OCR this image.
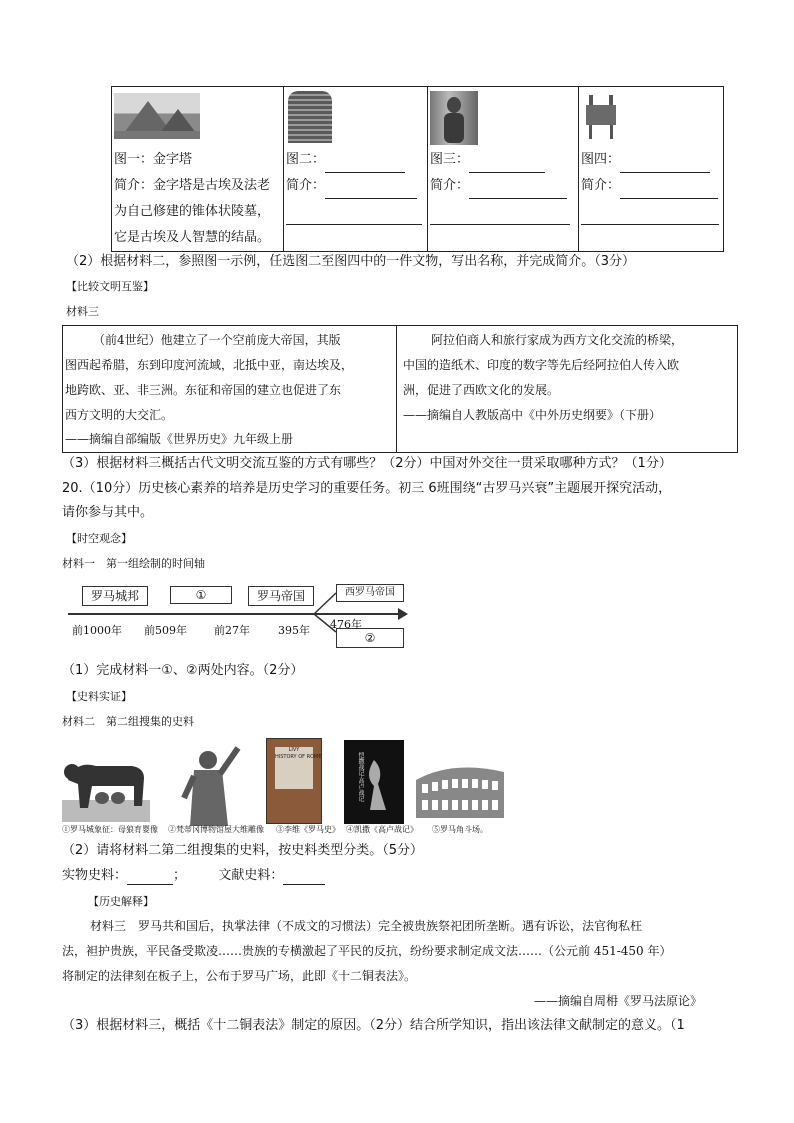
图一：金字塔
简介：金字塔是古埃及法老
为自己修建的锥体状陵墓，
它是古埃及人智慧的结晶。

图二：
简介：

图三：
简介：

图四：
简介：
（2）根据材料二，参照图一示例，任选图二至图四中的一件文物，写出名称，并完成简介。（3分）
【比较文明互鉴】
材料三
（前4世纪）他建立了一个空前庞大帝国，其版
图西起希腊，东到印度河流域，北抵中亚，南达埃及，
地跨欧、亚、非三洲。东征和帝国的建立也促进了东
西方文明的大交汇。
——摘编自部编版《世界历史》九年级上册
阿拉伯商人和旅行家成为西方文化交流的桥梁，
中国的造纸术、印度的数字等先后经阿拉伯人传入欧
洲，促进了西欧文化的发展。
——摘编自人教版高中《中外历史纲要》（下册）
（3）根据材料三概括古代文明交流互鉴的方式有哪些？（2分）中国对外交往一贯采取哪种方式？（1分）
20.（10分）历史核心素养的培养是历史学习的重要任务。初三 6班围绕“古罗马兴衰”主题展开探究活动，
请你参与其中。
【时空观念】
材料一　第一组绘制的时间轴
罗马城邦	①	罗马帝国	西罗马帝国
②
前1000年 前509年 前27年	395年 476年
（1）完成材料一①、②两处内容。（2分）
【史料实证】
材料二　第二组搜集的史料
LIVY
HISTORY OF ROME	恺撒战记·高卢战记
①罗马城象征：母狼育婴像 ②梵蒂冈博物馆屋大维雕像 ③李维《罗马史》 ④凯撒《高卢战记》 ⑤罗马角斗场。
（2）请将材料二第二组搜集的史料，按史料类型分类。（5分）
实物史料：	； 文献史料：
【历史解释】
材料三　罗马共和国后，执掌法律（不成文的习惯法）完全被贵族祭祀团所垄断。遇有诉讼，法官徇私枉
法，袒护贵族，平民备受欺凌……贵族的专横激起了平民的反抗，纷纷要求制定成文法……（公元前 451-450 年）
将制定的法律刻在板子上，公布于罗马广场，此即《十二铜表法》。
——摘编自周枏《罗马法原论》
（3）根据材料三，概括《十二铜表法》制定的原因。（2分）结合所学知识，指出该法律文献制定的意义。（1
